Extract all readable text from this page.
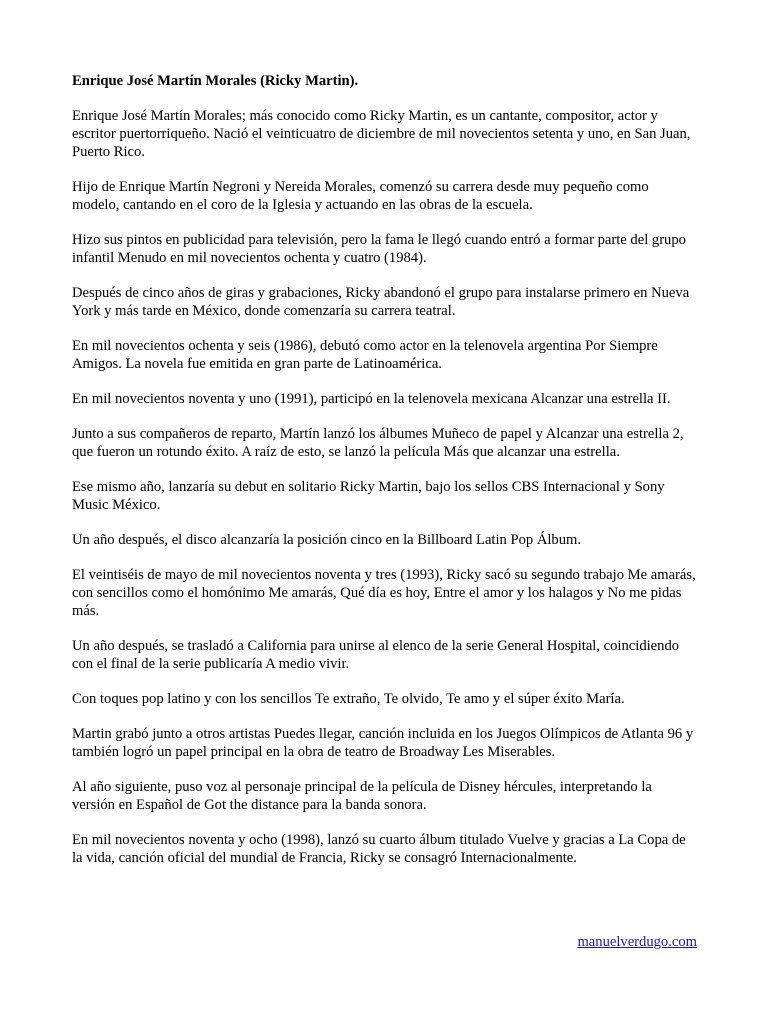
Enrique José Martín Morales (Ricky Martin).

Enrique José Martín Morales; más conocido como Ricky Martin, es un cantante, compositor, actor y escritor puertorriqueño. Nació el veinticuatro de diciembre de mil novecientos setenta y uno, en San Juan, Puerto Rico.

Hijo de Enrique Martín Negroni y Nereida Morales, comenzó su carrera desde muy pequeño como modelo, cantando en el coro de la Iglesia y actuando en las obras de la escuela.

Hizo sus pintos en publicidad para televisión, pero la fama le llegó cuando entró a formar parte del grupo infantil Menudo en mil novecientos ochenta y cuatro (1984).

Después de cinco años de giras y grabaciones, Ricky abandonó el grupo para instalarse primero en Nueva York y más tarde en México, donde comenzaría su carrera teatral.

En mil novecientos ochenta y seis (1986), debutó como actor en la telenovela argentina Por Siempre Amigos. La novela fue emitida en gran parte de Latinoamérica.

En mil novecientos noventa y uno (1991), participó en la telenovela mexicana Alcanzar una estrella II.

Junto a sus compañeros de reparto, Martín lanzó los álbumes Muñeco de papel y Alcanzar una estrella 2, que fueron un rotundo éxito. A raíz de esto, se lanzó la película Más que alcanzar una estrella.

Ese mismo año, lanzaría su debut en solitario Ricky Martin, bajo los sellos CBS Internacional y Sony Music México.

Un año después, el disco alcanzaría la posición cinco en la Billboard Latin Pop Álbum.

El veintiséis de mayo de mil novecientos noventa y tres (1993), Ricky sacó su segundo trabajo Me amarás, con sencillos como el homónimo Me amarás, Qué día es hoy, Entre el amor y los halagos y No me pidas más.

Un año después, se trasladó a California para unirse al elenco de la serie General Hospital, coincidiendo con el final de la serie publicaría A medio vivir.

Con toques pop latino y con los sencillos Te extraño, Te olvido, Te amo y el súper éxito María.

Martin grabó junto a otros artistas Puedes llegar, canción incluida en los Juegos Olímpicos de Atlanta 96 y también logró un papel principal en la obra de teatro de Broadway Les Miserables.

Al año siguiente, puso voz al personaje principal de la película de Disney hércules, interpretando la versión en Español de Got the distance para la banda sonora.

En mil novecientos noventa y ocho (1998), lanzó su cuarto álbum titulado Vuelve y gracias a La Copa de la vida, canción oficial del mundial de Francia, Ricky se consagró Internacionalmente.

manuelverdugo.com
